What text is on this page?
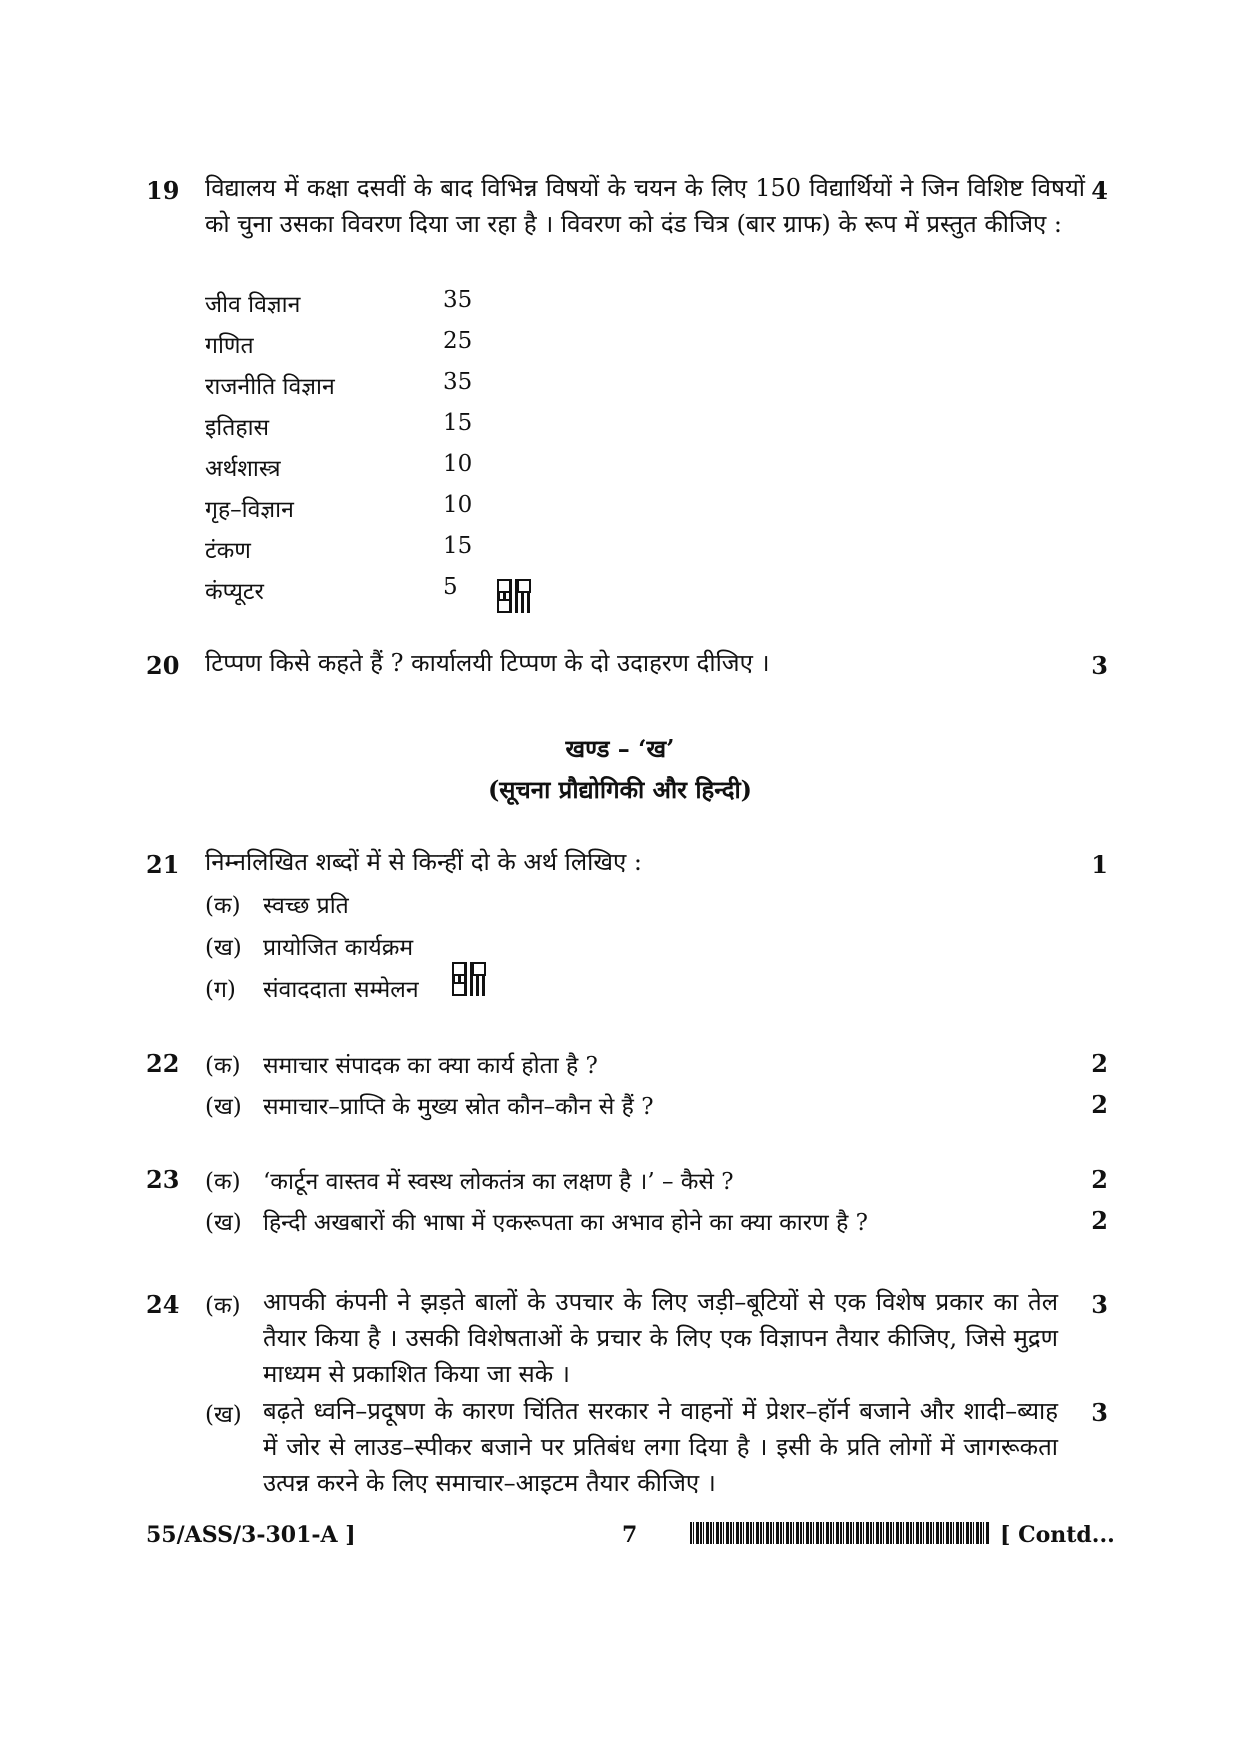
19 विद्यालय में कक्षा दसवीं के बाद विभिन्न विषयों के चयन के लिए 150 विद्यार्थियों ने जिन विशिष्ट विषयों को चुना उसका विवरण दिया जा रहा है । विवरण को दंड चित्र (बार ग्राफ) के रूप में प्रस्तुत कीजिए :
4
जीव विज्ञान	35
गणित	25
राजनीति विज्ञान	35
इतिहास	15
अर्थशास्त्र	10
गृह–विज्ञान	10
टंकण	15
कंप्यूटर	5
20 टिप्पण किसे कहते हैं ? कार्यालयी टिप्पण के दो उदाहरण दीजिए ।	3
खण्ड – ‘ख’
(सूचना प्रौद्योगिकी और हिन्दी)
21 निम्नलिखित शब्दों में से किन्हीं दो के अर्थ लिखिए :	1
(क) स्वच्छ प्रति
(ख) प्रायोजित कार्यक्रम
(ग) संवाददाता सम्मेलन
22 (क) समाचार संपादक का क्या कार्य होता है ?	2
(ख) समाचार–प्राप्ति के मुख्य स्रोत कौन–कौन से हैं ?	2
23 (क) ‘कार्टून वास्तव में स्वस्थ लोकतंत्र का लक्षण है ।’ – कैसे ?	2
(ख) हिन्दी अखबारों की भाषा में एकरूपता का अभाव होने का क्या कारण है ?	2
24 (क) आपकी कंपनी ने झड़ते बालों के उपचार के लिए जड़ी–बूटियों से एक विशेष प्रकार का तेल तैयार किया है । उसकी विशेषताओं के प्रचार के लिए एक विज्ञापन तैयार कीजिए, जिसे मुद्रण माध्यम से प्रकाशित किया जा सके ।
3
(ख) बढ़ते ध्वनि–प्रदूषण के कारण चिंतित सरकार ने वाहनों में प्रेशर–हॉर्न बजाने और शादी–ब्याह में जोर से लाउड–स्पीकर बजाने पर प्रतिबंध लगा दिया है । इसी के प्रति लोगों में जागरूकता उत्पन्न करने के लिए समाचार–आइटम तैयार कीजिए ।
3
55/ASS/3-301-A ]	7	[ Contd...
